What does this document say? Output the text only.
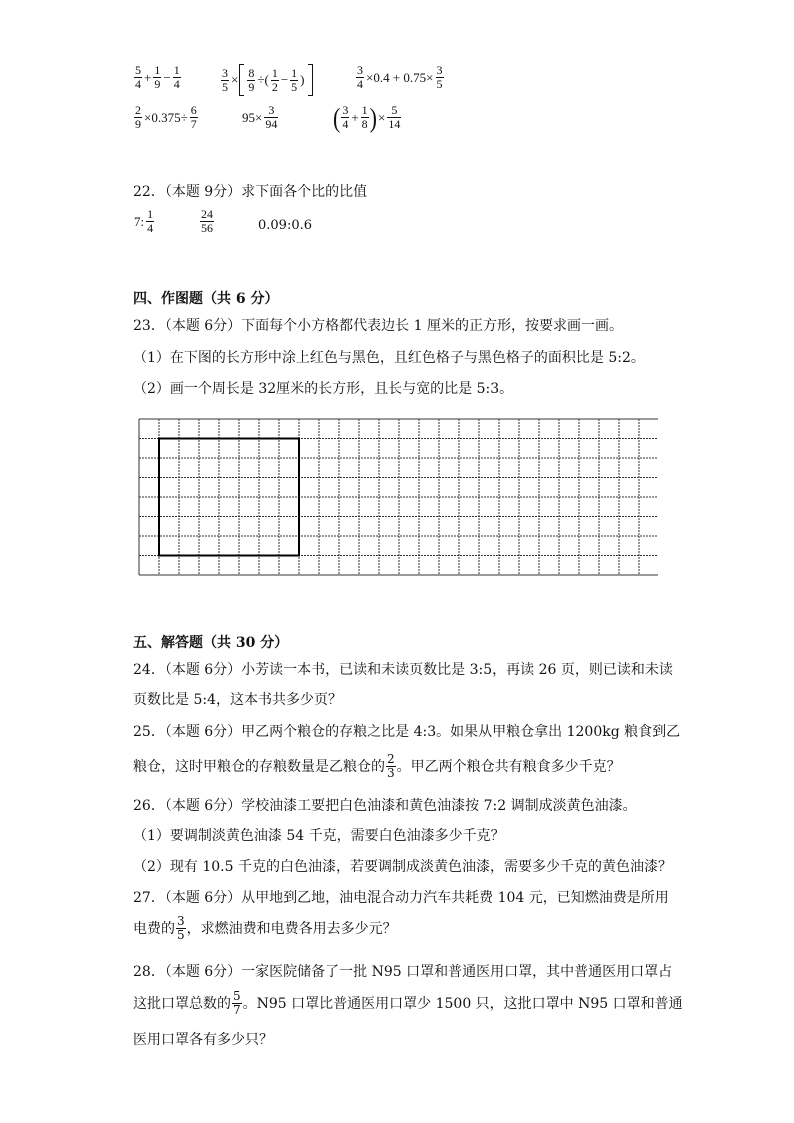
$\frac{5}{4} + \frac{1}{9} - \frac{1}{4}$	$\frac{3}{5} \times \frac{8}{9}$ ÷( $\frac{1}{2} - \frac{1}{5}$ )	$\frac{3}{4} \times 0.4 + 0.75\times \frac{3}{5}$
$\frac{2}{9} \times 0.375\div \frac{6}{7}$	$95\times \frac{3}{94}$ ( $\frac{3}{4} + \frac{1}{8}$ ) × $\frac{5}{14}$
22．（本题 9分）求下面各个比的比值
7: $\frac{1}{4}$	$\frac{24}{56}$	0.09:0.6
四、作图题（共 6 分）
23．（本题 6分）下面每个小方格都代表边长 1 厘米的正方形，按要求画一画。
（1）在下图的长方形中涂上红色与黑色，且红色格子与黑色格子的面积比是 5:2。
（2）画一个周长是 32厘米的长方形，且长与宽的比是 5:3。
五、解答题（共 30 分）
24．（本题 6分）小芳读一本书，已读和未读页数比是 3:5，再读 26 页，则已读和未读
页数比是 5:4，这本书共多少页？
25．（本题 6分）甲乙两个粮仓的存粮之比是 4:3。如果从甲粮仓拿出 1200kg 粮食到乙
粮仓，这时甲粮仓的存粮数量是乙粮仓的 $\frac{2}{3}$ 。甲乙两个粮仓共有粮食多少千克？
26．（本题 6分）学校油漆工要把白色油漆和黄色油漆按 7:2 调制成淡黄色油漆。
（1）要调制淡黄色油漆 54 千克，需要白色油漆多少千克？
（2）现有 10.5 千克的白色油漆，若要调制成淡黄色油漆，需要多少千克的黄色油漆？
27．（本题 6分）从甲地到乙地，油电混合动力汽车共耗费 104 元，已知燃油费是所用
电费的 $\frac{3}{5}$ ，求燃油费和电费各用去多少元？
28．（本题 6分）一家医院储备了一批 N95 口罩和普通医用口罩，其中普通医用口罩占
这批口罩总数的 $\frac{5}{7}$ 。N95 口罩比普通医用口罩少 1500 只，这批口罩中 N95 口罩和普通
医用口罩各有多少只？
